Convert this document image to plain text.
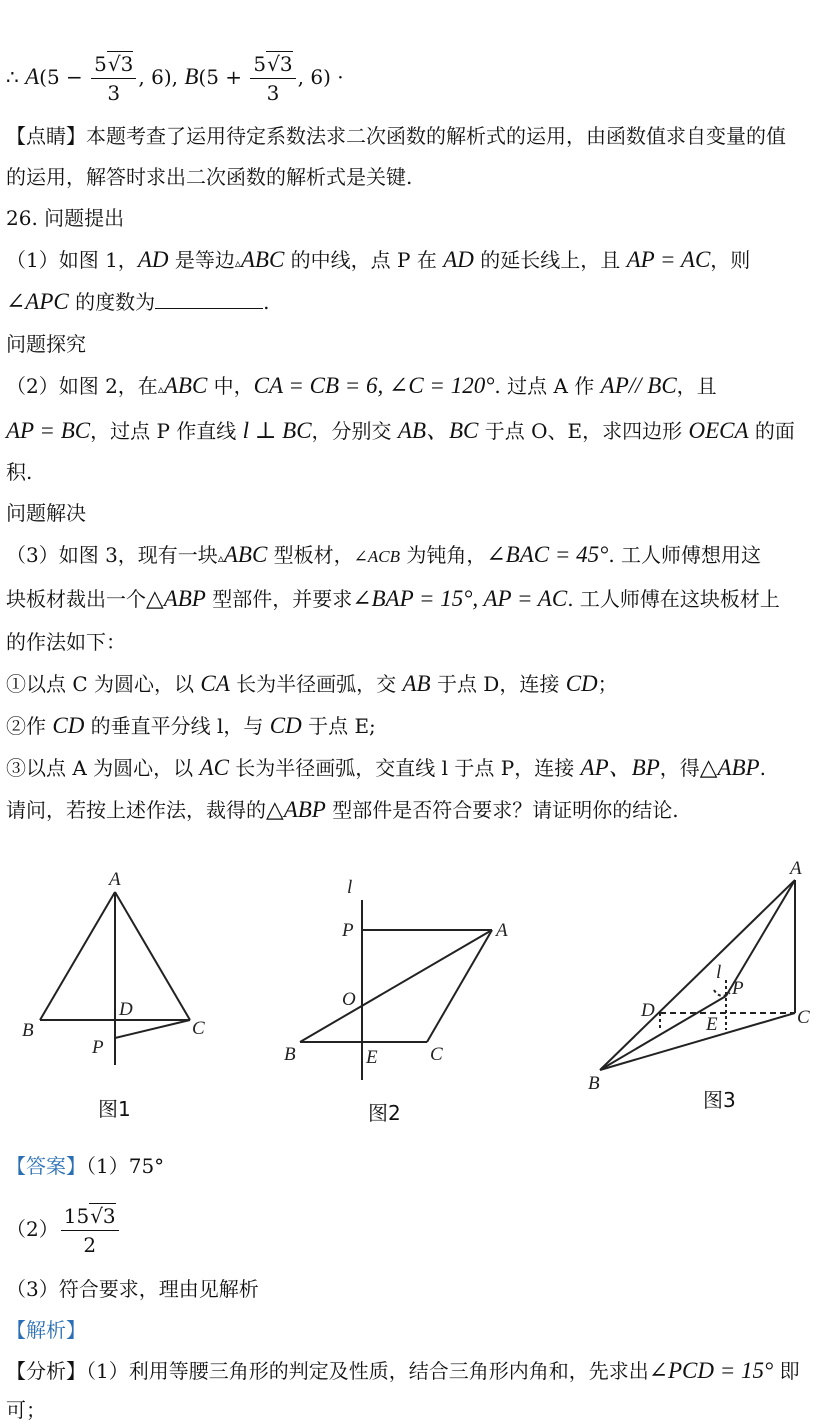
∴ $A(5 - \frac{5√3}{3}$ , 6), $B(5 + \frac{5√3}{3}$ , 6) ·
【点睛】本题考查了运用待定系数法求二次函数的解析式的运用，由函数值求自变量的值
的运用，解答时求出二次函数的解析式是关键.
26. 问题提出
（1）如图 1，AD 是等边▵ABC 的中线，点 P 在 AD 的延长线上，且 AP = AC，则
∠APC 的度数为	.
问题探究
（2）如图 2，在▵ABC 中，CA = CB = 6, ∠C = 120°. 过点 A 作 AP// BC，且
AP = BC，过点 P 作直线 l ⊥ BC，分别交 AB、BC 于点 O、E，求四边形 OECA 的面
积.
问题解决
（3）如图 3，现有一块▵ABC 型板材，∠ACB 为钝角，∠BAC = 45°. 工人师傅想用这
块板材裁出一个△ABP 型部件，并要求∠BAP = 15°, AP = AC. 工人师傅在这块板材上
的作法如下：
①以点 C 为圆心，以 CA 长为半径画弧，交 AB 于点 D，连接 CD；
②作 CD 的垂直平分线 l，与 CD 于点 E;
③以点 A 为圆心，以 AC 长为半径画弧，交直线 l 于点 P，连接 AP、BP，得△ABP.
请问，若按上述作法，裁得的△ABP 型部件是否符合要求？请证明你的结论.
A
B	C
D
P
l
P	A
O
B	E	C
A
l
P
D
E	C
B
图1	图2
图3
【答案】（1）75°
$(2) \frac{15√3}{2}$
（3）符合要求，理由见解析
【解析】
【分析】（1）利用等腰三角形的判定及性质，结合三角形内角和，先求出∠PCD = 15° 即
可；
